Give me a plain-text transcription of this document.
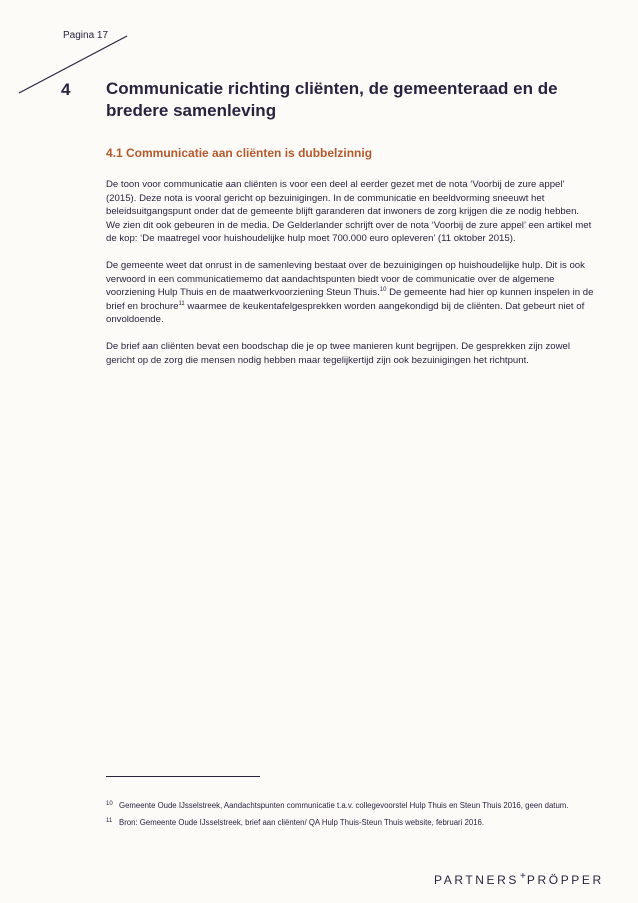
Pagina 17
4 Communicatie richting cliënten, de gemeenteraad en de bredere samenleving
4.1 Communicatie aan cliënten is dubbelzinnig

De toon voor communicatie aan cliënten is voor een deel al eerder gezet met de nota ‘Voorbij de zure appel’ (2015). Deze nota is vooral gericht op bezuinigingen. In de communicatie en beeldvorming sneeuwt het beleidsuitgangspunt onder dat de gemeente blijft garanderen dat inwoners de zorg krijgen die ze nodig hebben. We zien dit ook gebeuren in de media. De Gelderlander schrijft over de nota ‘Voorbij de zure appel’ een artikel met de kop: ‘De maatregel voor huishoudelijke hulp moet 700.000 euro opleveren’ (11 oktober 2015).

De gemeente weet dat onrust in de samenleving bestaat over de bezuinigingen op huishoudelijke hulp. Dit is ook verwoord in een communicatiememo dat aandachtspunten biedt voor de communicatie over de algemene voorziening Hulp Thuis en de maatwerkvoorziening Steun Thuis.$^{10}$ De gemeente had hier op kunnen inspelen in de brief en brochure$^{11}$ waarmee de keukentafelgesprekken worden aangekondigd bij de cliënten. Dat gebeurt niet of onvoldoende.

De brief aan cliënten bevat een boodschap die je op twee manieren kunt begrijpen. De gesprekken zijn zowel gericht op de zorg die mensen nodig hebben maar tegelijkertijd zijn ook bezuinigingen het richtpunt.

10 Gemeente Oude IJsselstreek, Aandachtspunten communicatie t.a.v. collegevoorstel Hulp Thuis en Steun Thuis 2016, geen datum.
11 Bron: Gemeente Oude IJsselstreek, brief aan cliënten/ QA Hulp Thuis-Steun Thuis website, februari 2016.
PARTNERS+PRÖPPER
